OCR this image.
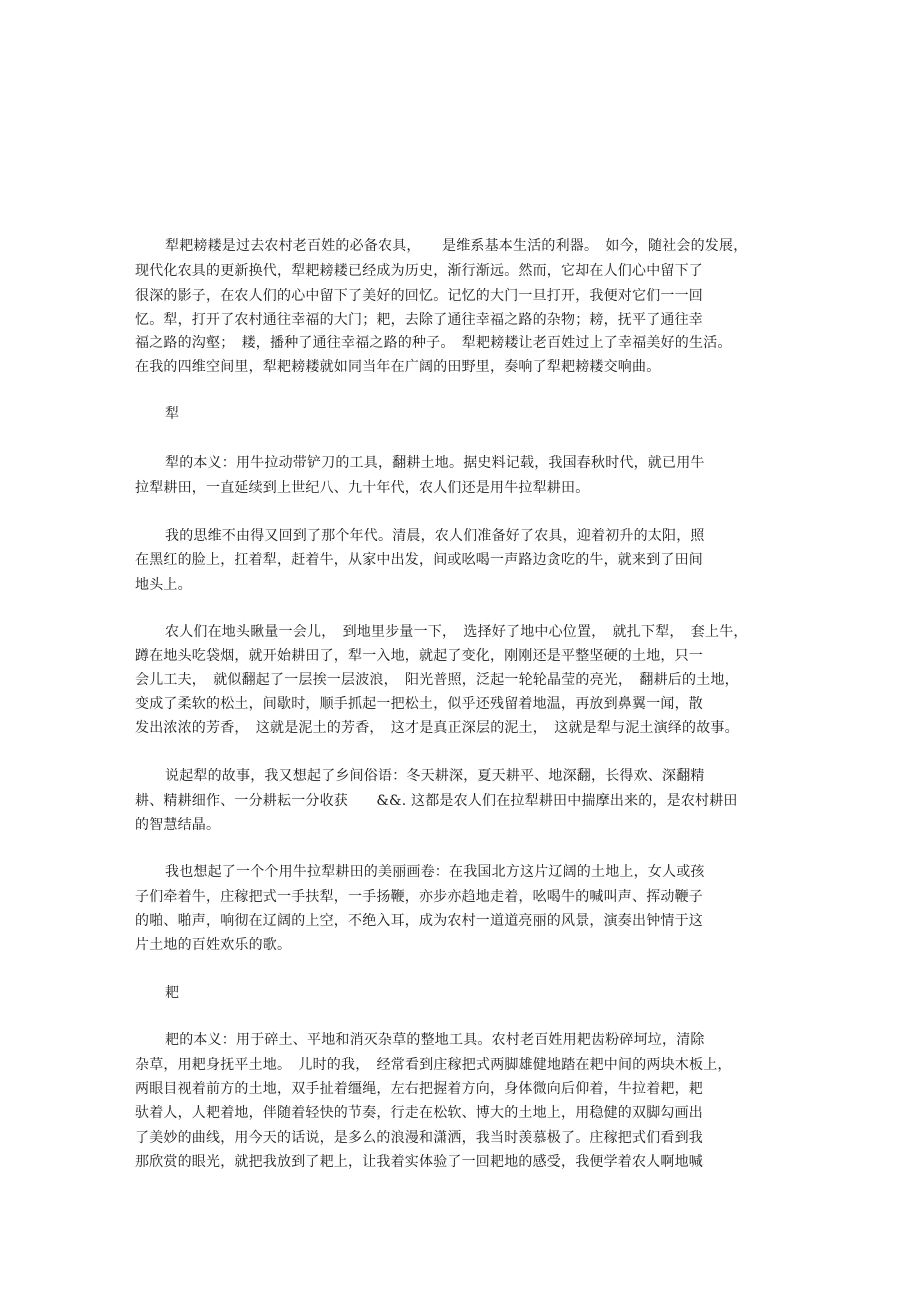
犁耙耪耧是过去农村老百姓的必备农具，　　是维系基本生活的利器。　如今，随社会的发展，
现代化农具的更新换代，犁耙耪耧已经成为历史，渐行渐远。然而，它却在人们心中留下了
很深的影子，在农人们的心中留下了美好的回忆。记忆的大门一旦打开，我便对它们一一回
忆。犁，打开了农村通往幸福的大门；耙，去除了通往幸福之路的杂物；耪，抚平了通往幸
福之路的沟壑；　耧，播种了通往幸福之路的种子。　犁耙耪耧让老百姓过上了幸福美好的生活。
在我的四维空间里，犁耙耪耧就如同当年在广阔的田野里，奏响了犁耙耪耧交响曲。
犁
犁的本义：用牛拉动带铲刀的工具，翻耕土地。据史料记载，我国春秋时代，就已用牛
拉犁耕田，一直延续到上世纪八、九十年代，农人们还是用牛拉犁耕田。
我的思维不由得又回到了那个年代。清晨，农人们准备好了农具，迎着初升的太阳，照
在黑红的脸上，扛着犁，赶着牛，从家中出发，间或吆喝一声路边贪吃的牛，就来到了田间
地头上。
农人们在地头瞅量一会儿，　到地里步量一下，　选择好了地中心位置，　就扎下犁，　套上牛，
蹲在地头吃袋烟，就开始耕田了，犁一入地，就起了变化，刚刚还是平整坚硬的土地，只一
会儿工夫，　就似翻起了一层挨一层波浪，　阳光普照，泛起一轮轮晶莹的亮光，　翻耕后的土地，
变成了柔软的松土，间歇时，顺手抓起一把松土，似乎还残留着地温，再放到鼻翼一闻，散
发出浓浓的芳香，　这就是泥土的芳香，　这才是真正深层的泥土，　这就是犁与泥土演绎的故事。
说起犁的故事，我又想起了乡间俗语：冬天耕深，夏天耕平、地深翻，长得欢、深翻精
耕、精耕细作、一分耕耘一分收获　　&&. 这都是农人们在拉犁耕田中揣摩出来的，是农村耕田
的智慧结晶。
我也想起了一个个用牛拉犁耕田的美丽画卷：在我国北方这片辽阔的土地上，女人或孩
子们牵着牛，庄稼把式一手扶犁，一手扬鞭，亦步亦趋地走着，吆喝牛的喊叫声、挥动鞭子
的啪、啪声，响彻在辽阔的上空，不绝入耳，成为农村一道道亮丽的风景，演奏出钟情于这
片土地的百姓欢乐的歌。
耙
耙的本义：用于碎土、平地和消灭杂草的整地工具。农村老百姓用耙齿粉碎坷垃，清除
杂草，用耙身抚平土地。　儿时的我，　经常看到庄稼把式两脚雄健地踏在耙中间的两块木板上，
两眼目视着前方的土地，双手扯着缰绳，左右把握着方向，身体微向后仰着，牛拉着耙，耙
驮着人，人耙着地，伴随着轻快的节奏，行走在松软、博大的土地上，用稳健的双脚勾画出
了美妙的曲线，用今天的话说，是多么的浪漫和潇洒，我当时羡慕极了。庄稼把式们看到我
那欣赏的眼光，就把我放到了耙上，让我着实体验了一回耙地的感受，我便学着农人啊地喊
